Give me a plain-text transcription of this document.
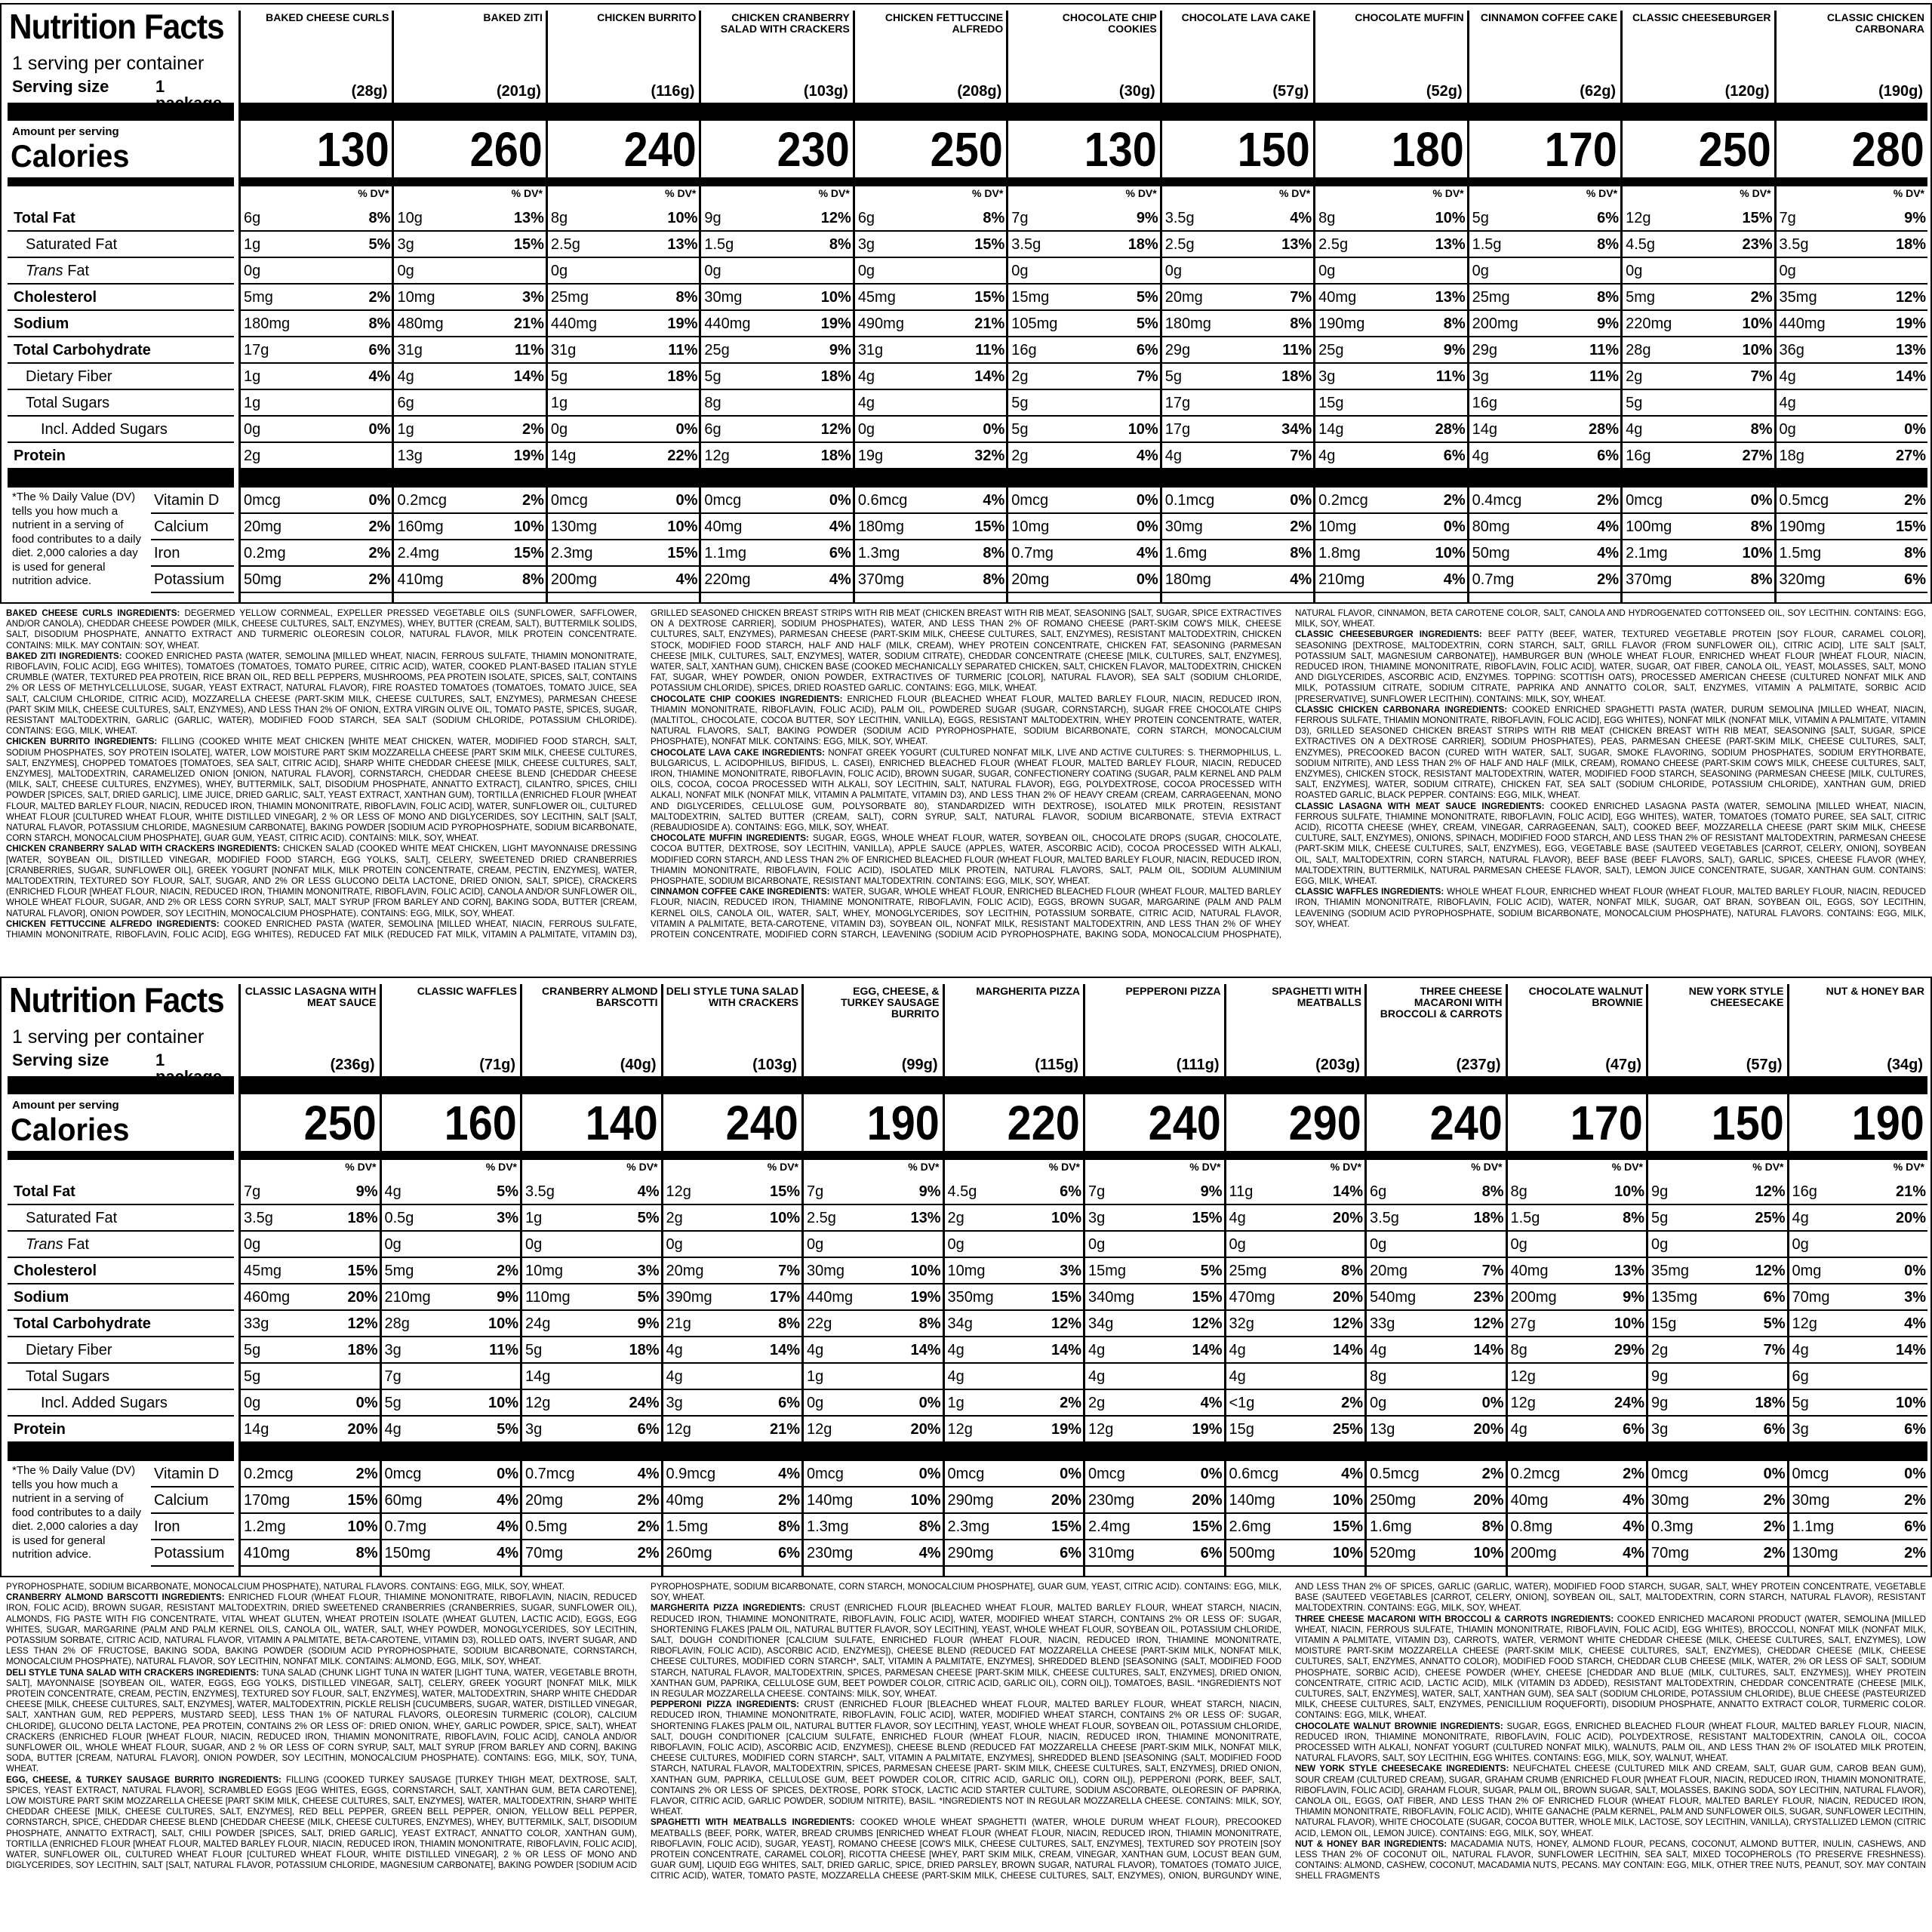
Nutrition Facts
1 serving per container
Serving size	1
Amount per serving
Calories
Total Fat
Saturated Fat
Trans Fat
Cholesterol
Sodium
Total Carbohydrate
Dietary Fiber
Total Sugars
Incl. Added Sugars
Protein
Vitamin D
Calcium
Iron
Potassium
*The % Daily Value (DV) tells you how much a nutrient in a serving of food contributes to a daily diet. 2,000 calories a day is used for general nutrition advice.
BAKED CHEESE CURLS
(28g)
130
% DV*
6g	8%
1g	5%
0g
5mg	2%
180mg	8%
17g	6%
1g	4%
1g
0g	0%
2g
0mcg	0%
20mg	2%
0.2mg	2%
50mg	2%
BAKED ZITI
(201g)
260
% DV*
10g	13%
3g	15%
0g
10mg	3%
480mg	21%
31g	11%
4g	14%
6g
1g	2%
13g	19%
0.2mcg	2%
160mg	10%
2.4mg	15%
410mg	8%
CHICKEN BURRITO
(116g)
240
% DV*
8g	10%
2.5g	13%
0g
25mg	8%
440mg	19%
31g	11%
5g	18%
1g
0g	0%
14g	22%
0mcg	0%
130mg	10%
2.3mg	15%
200mg	4%
CHICKEN CRANBERRY SALAD WITH CRACKERS
(103g)
230
% DV*
9g	12%
1.5g	8%
0g
30mg	10%
440mg	19%
25g	9%
5g	18%
8g
6g	12%
12g	18%
0mcg	0%
40mg	4%
1.1mg	6%
220mg	4%
CHICKEN FETTUCCINE ALFREDO
(208g)
250
% DV*
6g	8%
3g	15%
0g
45mg	15%
490mg	21%
31g	11%
4g	14%
4g
0g	0%
19g	32%
0.6mcg	4%
180mg	15%
1.3mg	8%
370mg	8%
CHOCOLATE CHIP COOKIES
(30g)
130
% DV*
7g	9%
3.5g	18%
0g
15mg	5%
105mg	5%
16g	6%
2g	7%
5g
5g	10%
2g	4%
0mcg	0%
10mg	0%
0.7mg	4%
20mg	0%
CHOCOLATE LAVA CAKE
(57g)
150
% DV*
3.5g	4%
2.5g	13%
0g
20mg	7%
180mg	8%
29g	11%
5g	18%
17g
17g	34%
4g	7%
0.1mcg	0%
30mg	2%
1.6mg	8%
180mg	4%
CHOCOLATE MUFFIN
(52g)
180
% DV*
8g	10%
2.5g	13%
0g
40mg	13%
190mg	8%
25g	9%
3g	11%
15g
14g	28%
4g	6%
0.2mcg	2%
10mg	0%
1.8mg	10%
210mg	4%
CINNAMON COFFEE CAKE
(62g)
170
% DV*
5g	6%
1.5g	8%
0g
25mg	8%
200mg	9%
29g	11%
3g	11%
16g
14g	28%
4g	6%
0.4mcg	2%
80mg	4%
50mg	4%
0.7mg	2%
CLASSIC CHEESEBURGER
(120g)
250
% DV*
12g	15%
4.5g	23%
0g
5mg	2%
220mg	10%
28g	10%
2g	7%
5g
4g	8%
16g	27%
0mcg	0%
100mg	8%
2.1mg	10%
370mg	8%
CLASSIC CHICKEN CARBONARA
(190g)
280
% DV*
7g	9%
3.5g	18%
0g
35mg	12%
440mg	19%
36g	13%
4g	14%
4g
0g	0%
18g	27%
0.5mcg	2%
190mg	15%
1.5mg	8%
320mg	6%

BAKED CHEESE CURLS INGREDIENTS: DEGERMED YELLOW CORNMEAL, EXPELLER PRESSED VEGETABLE OILS (SUNFLOWER, SAFFLOWER, AND/OR CANOLA), CHEDDAR CHEESE POWDER (MILK, CHEESE CULTURES, SALT, ENZYMES), WHEY, BUTTER (CREAM, SALT), BUTTERMILK SOLIDS, SALT, DISODIUM PHOSPHATE, ANNATTO EXTRACT AND TURMERIC OLEORESIN COLOR, NATURAL FLAVOR, MILK PROTEIN CONCENTRATE. CONTAINS: MILK. MAY CONTAIN: SOY, WHEAT.

BAKED ZITI INGREDIENTS: COOKED ENRICHED PASTA (WATER, SEMOLINA [MILLED WHEAT, NIACIN, FERROUS SULFATE, THIAMIN MONONITRATE, RIBOFLAVIN, FOLIC ACID], EGG WHITES), TOMATOES (TOMATOES, TOMATO PUREE, CITRIC ACID), WATER, COOKED PLANT-BASED ITALIAN STYLE CRUMBLE (WATER, TEXTURED PEA PROTEIN, RICE BRAN OIL, RED BELL PEPPERS, MUSHROOMS, PEA PROTEIN ISOLATE, SPICES, SALT, CONTAINS 2% OR LESS OF METHYLCELLULOSE, SUGAR, YEAST EXTRACT, NATURAL FLAVOR), FIRE ROASTED TOMATOES (TOMATOES, TOMATO JUICE, SEA SALT, CALCIUM CHLORIDE, CITRIC ACID), MOZZARELLA CHEESE (PART-SKIM MILK, CHEESE CULTURES, SALT, ENZYMES), PARMESAN CHEESE (PART SKIM MILK, CHEESE CULTURES, SALT, ENZYMES), AND LESS THAN 2% OF ONION, EXTRA VIRGIN OLIVE OIL, TOMATO PASTE, SPICES, SUGAR, RESISTANT MALTODEXTRIN, GARLIC (GARLIC, WATER), MODIFIED FOOD STARCH, SEA SALT (SODIUM CHLORIDE, POTASSIUM CHLORIDE). CONTAINS: EGG, MILK, WHEAT.

CHICKEN BURRITO INGREDIENTS: FILLING (COOKED WHITE MEAT CHICKEN [WHITE MEAT CHICKEN, WATER, MODIFIED FOOD STARCH, SALT, SODIUM PHOSPHATES, SOY PROTEIN ISOLATE], WATER, LOW MOISTURE PART SKIM MOZZARELLA CHEESE [PART SKIM MILK, CHEESE CULTURES, SALT, ENZYMES], CHOPPED TOMATOES [TOMATOES, SEA SALT, CITRIC ACID], SHARP WHITE CHEDDAR CHEESE [MILK, CHEESE CULTURES, SALT, ENZYMES], MALTODEXTRIN, CARAMELIZED ONION [ONION, NATURAL FLAVOR], CORNSTARCH, CHEDDAR CHEESE BLEND [CHEDDAR CHEESE (MILK, SALT, CHEESE CULTURES, ENZYMES), WHEY, BUTTERMILK, SALT, DISODIUM PHOSPHATE, ANNATTO EXTRACT], CILANTRO, SPICES, CHILI POWDER [SPICES, SALT, DRIED GARLIC], LIME JUICE, DRIED GARLIC, SALT, YEAST EXTRACT, XANTHAN GUM), TORTILLA (ENRICHED FLOUR [WHEAT FLOUR, MALTED BARLEY FLOUR, NIACIN, REDUCED IRON, THIAMIN MONONITRATE, RIBOFLAVIN, FOLIC ACID], WATER, SUNFLOWER OIL, CULTURED WHEAT FLOUR [CULTURED WHEAT FLOUR, WHITE DISTILLED VINEGAR], 2 % OR LESS OF MONO AND DIGLYCERIDES, SOY LECITHIN, SALT [SALT, NATURAL FLAVOR, POTASSIUM CHLORIDE, MAGNESIUM CARBONATE], BAKING POWDER [SODIUM ACID PYROPHOSPHATE, SODIUM BICARBONATE, CORN STARCH, MONOCALCIUM PHOSPHATE], GUAR GUM, YEAST, CITRIC ACID). CONTAINS: MILK, SOY, WHEAT.

CHICKEN CRANBERRY SALAD WITH CRACKERS INGREDIENTS: CHICKEN SALAD (COOKED WHITE MEAT CHICKEN, LIGHT MAYONNAISE DRESSING [WATER, SOYBEAN OIL, DISTILLED VINEGAR, MODIFIED FOOD STARCH, EGG YOLKS, SALT], CELERY, SWEETENED DRIED CRANBERRIES [CRANBERRIES, SUGAR, SUNFLOWER OIL], GREEK YOGURT [NONFAT MILK, MILK PROTEIN CONCENTRATE, CREAM, PECTIN, ENZYMES], WATER, MALTODEXTRIN, TEXTURED SOY FLOUR, SALT, SUGAR, AND 2% OR LESS GLUCONO DELTA LACTONE, DRIED ONION, SALT, SPICE), CRACKERS (ENRICHED FLOUR [WHEAT FLOUR, NIACIN, REDUCED IRON, THIAMIN MONONITRATE, RIBOFLAVIN, FOLIC ACID], CANOLA AND/OR SUNFLOWER OIL, WHOLE WHEAT FLOUR, SUGAR, AND 2% OR LESS CORN SYRUP, SALT, MALT SYRUP [FROM BARLEY AND CORN], BAKING SODA, BUTTER [CREAM, NATURAL FLAVOR], ONION POWDER, SOY LECITHIN, MONOCALCIUM PHOSPHATE). CONTAINS: EGG, MILK, SOY, WHEAT.

CHICKEN FETTUCCINE ALFREDO INGREDIENTS: COOKED ENRICHED PASTA (WATER, SEMOLINA [MILLED WHEAT, NIACIN, FERROUS SULFATE, THIAMIN MONONITRATE, RIBOFLAVIN, FOLIC ACID], EGG WHITES), REDUCED FAT MILK (REDUCED FAT MILK, VITAMIN A PALMITATE, VITAMIN D3), GRILLED SEASONED CHICKEN BREAST STRIPS WITH RIB MEAT (CHICKEN BREAST WITH RIB MEAT, SEASONING [SALT, SUGAR, SPICE EXTRACTIVES ON A DEXTROSE CARRIER], SODIUM PHOSPHATES), WATER, AND LESS THAN 2% OF ROMANO CHEESE (PART-SKIM COW'S MILK, CHEESE CULTURES, SALT, ENZYMES), PARMESAN CHEESE (PART-SKIM MILK, CHEESE CULTURES, SALT, ENZYMES), RESISTANT MALTODEXTRIN, CHICKEN STOCK, MODIFIED FOOD STARCH, HALF AND HALF (MILK, CREAM), WHEY PROTEIN CONCENTRATE, CHICKEN FAT, SEASONING (PARMESAN CHEESE [MILK, CULTURES, SALT, ENZYMES], WATER, SODIUM CITRATE), CHEDDAR CONCENTRATE (CHEESE [MILK, CULTURES, SALT, ENZYMES], WATER, SALT, XANTHAN GUM), CHICKEN BASE (COOKED MECHANICALLY SEPARATED CHICKEN, SALT, CHICKEN FLAVOR, MALTODEXTRIN, CHICKEN FAT, SUGAR, WHEY POWDER, ONION POWDER, EXTRACTIVES OF TURMERIC [COLOR], NATURAL FLAVOR), SEA SALT (SODIUM CHLORIDE, POTASSIUM CHLORIDE), SPICES, DRIED ROASTED GARLIC. CONTAINS: EGG, MILK, WHEAT.

CHOCOLATE CHIP COOKIES INGREDIENTS: ENRICHED FLOUR (BLEACHED WHEAT FLOUR, MALTED BARLEY FLOUR, NIACIN, REDUCED IRON, THIAMIN MONONITRATE, RIBOFLAVIN, FOLIC ACID), PALM OIL, POWDERED SUGAR (SUGAR, CORNSTARCH), SUGAR FREE CHOCOLATE CHIPS (MALTITOL, CHOCOLATE, COCOA BUTTER, SOY LECITHIN, VANILLA), EGGS, RESISTANT MALTODEXTRIN, WHEY PROTEIN CONCENTRATE, WATER, NATURAL FLAVORS, SALT, BAKING POWDER (SODIUM ACID PYROPHOSPHATE, SODIUM BICARBONATE, CORN STARCH, MONOCALCIUM PHOSPHATE), NONFAT MILK. CONTAINS: EGG, MILK, SOY, WHEAT.

CHOCOLATE LAVA CAKE INGREDIENTS: NONFAT GREEK YOGURT (CULTURED NONFAT MILK, LIVE AND ACTIVE CULTURES: S. THERMOPHILUS, L. BULGARICUS, L. ACIDOPHILUS, BIFIDUS, L. CASEI), ENRICHED BLEACHED FLOUR (WHEAT FLOUR, MALTED BARLEY FLOUR, NIACIN, REDUCED IRON, THIAMINE MONONITRATE, RIBOFLAVIN, FOLIC ACID), BROWN SUGAR, SUGAR, CONFECTIONERY COATING (SUGAR, PALM KERNEL AND PALM OILS, COCOA, COCOA PROCESSED WITH ALKALI, SOY LECITHIN, SALT, NATURAL FLAVOR), EGG, POLYDEXTROSE, COCOA PROCESSED WITH ALKALI, NONFAT MILK (NONFAT MILK, VITAMIN A PALMITATE, VITAMIN D3), AND LESS THAN 2% OF HEAVY CREAM (CREAM, CARRAGEENAN, MONO AND DIGLYCERIDES, CELLULOSE GUM, POLYSORBATE 80), STANDARDIZED WITH DEXTROSE), ISOLATED MILK PROTEIN, RESISTANT MALTODEXTRIN, SALTED BUTTER (CREAM, SALT), CORN SYRUP, SALT, NATURAL FLAVOR, SODIUM BICARBONATE, STEVIA EXTRACT (REBAUDIOSIDE A). CONTAINS: EGG, MILK, SOY, WHEAT.

CHOCOLATE MUFFIN INGREDIENTS: SUGAR, EGGS, WHOLE WHEAT FLOUR, WATER, SOYBEAN OIL, CHOCOLATE DROPS (SUGAR, CHOCOLATE, COCOA BUTTER, DEXTROSE, SOY LECITHIN, VANILLA), APPLE SAUCE (APPLES, WATER, ASCORBIC ACID), COCOA PROCESSED WITH ALKALI, MODIFIED CORN STARCH, AND LESS THAN 2% OF ENRICHED BLEACHED FLOUR (WHEAT FLOUR, MALTED BARLEY FLOUR, NIACIN, REDUCED IRON, THIAMIN MONONITRATE, RIBOFLAVIN, FOLIC ACID), ISOLATED MILK PROTEIN, NATURAL FLAVORS, SALT, PALM OIL, SODIUM ALUMINIUM PHOSPHATE, SODIUM BICARBONATE, RESISTANT MALTODEXTRIN. CONTAINS: EGG, MILK, SOY, WHEAT.

CINNAMON COFFEE CAKE INGREDIENTS: WATER, SUGAR, WHOLE WHEAT FLOUR, ENRICHED BLEACHED FLOUR (WHEAT FLOUR, MALTED BARLEY FLOUR, NIACIN, REDUCED IRON, THIAMINE MONONITRATE, RIBOFLAVIN, FOLIC ACID), EGGS, BROWN SUGAR, MARGARINE (PALM AND PALM KERNEL OILS, CANOLA OIL, WATER, SALT, WHEY, MONOGLYCERIDES, SOY LECITHIN, POTASSIUM SORBATE, CITRIC ACID, NATURAL FLAVOR, VITAMIN A PALMITATE, BETA-CAROTENE, VITAMIN D3), SOYBEAN OIL, NONFAT MILK, RESISTANT MALTODEXTRIN, AND LESS THAN 2% OF WHEY PROTEIN CONCENTRATE, MODIFIED CORN STARCH, LEAVENING (SODIUM ACID PYROPHOSPHATE, BAKING SODA, MONOCALCIUM PHOSPHATE), NATURAL FLAVOR, CINNAMON, BETA CAROTENE COLOR, SALT, CANOLA AND HYDROGENATED COTTONSEED OIL, SOY LECITHIN. CONTAINS: EGG, MILK, SOY, WHEAT.

CLASSIC CHEESEBURGER INGREDIENTS: BEEF PATTY (BEEF, WATER, TEXTURED VEGETABLE PROTEIN [SOY FLOUR, CARAMEL COLOR], SEASONING [DEXTROSE, MALTODEXTRIN, CORN STARCH, SALT, GRILL FLAVOR (FROM SUNFLOWER OIL), CITRIC ACID], LITE SALT [SALT, POTASSIUM SALT, MAGNESIUM CARBONATE]), HAMBURGER BUN (WHOLE WHEAT FLOUR, ENRICHED WHEAT FLOUR [WHEAT FLOUR, NIACIN, REDUCED IRON, THIAMINE MONONITRATE, RIBOFLAVIN, FOLIC ACID], WATER, SUGAR, OAT FIBER, CANOLA OIL, YEAST, MOLASSES, SALT, MONO AND DIGLYCERIDES, ASCORBIC ACID, ENZYMES. TOPPING: SCOTTISH OATS), PROCESSED AMERICAN CHEESE (CULTURED NONFAT MILK AND MILK, POTASSIUM CITRATE, SODIUM CITRATE, PAPRIKA AND ANNATTO COLOR, SALT, ENZYMES, VITAMIN A PALMITATE, SORBIC ACID [PRESERVATIVE], SUNFLOWER LECITHIN). CONTAINS: MILK, SOY, WHEAT.

CLASSIC CHICKEN CARBONARA INGREDIENTS: COOKED ENRICHED SPAGHETTI PASTA (WATER, DURUM SEMOLINA [MILLED WHEAT, NIACIN, FERROUS SULFATE, THIAMIN MONONITRATE, RIBOFLAVIN, FOLIC ACID], EGG WHITES), NONFAT MILK (NONFAT MILK, VITAMIN A PALMITATE, VITAMIN D3), GRILLED SEASONED CHICKEN BREAST STRIPS WITH RIB MEAT (CHICKEN BREAST WITH RIB MEAT, SEASONING [SALT, SUGAR, SPICE EXTRACTIVES ON A DEXTROSE CARRIER], SODIUM PHOSPHATES), PEAS, PARMESAN CHEESE (PART-SKIM MILK, CHEESE CULTURES, SALT, ENZYMES), PRECOOKED BACON (CURED WITH WATER, SALT, SUGAR, SMOKE FLAVORING, SODIUM PHOSPHATES, SODIUM ERYTHORBATE, SODIUM NITRITE), AND LESS THAN 2% OF HALF AND HALF (MILK, CREAM), ROMANO CHEESE (PART-SKIM COW'S MILK, CHEESE CULTURES, SALT, ENZYMES), CHICKEN STOCK, RESISTANT MALTODEXTRIN, WATER, MODIFIED FOOD STARCH, SEASONING (PARMESAN CHEESE [MILK, CULTURES, SALT, ENZYMES], WATER, SODIUM CITRATE), CHICKEN FAT, SEA SALT (SODIUM CHLORIDE, POTASSIUM CHLORIDE), XANTHAN GUM, DRIED ROASTED GARLIC, BLACK PEPPER. CONTAINS: EGG, MILK, WHEAT.

CLASSIC LASAGNA WITH MEAT SAUCE INGREDIENTS: COOKED ENRICHED LASAGNA PASTA (WATER, SEMOLINA [MILLED WHEAT, NIACIN, FERROUS SULFATE, THIAMINE MONONITRATE, RIBOFLAVIN, FOLIC ACID], EGG WHITES), WATER, TOMATOES (TOMATO PUREE, SEA SALT, CITRIC ACID), RICOTTA CHEESE (WHEY, CREAM, VINEGAR, CARRAGEENAN, SALT), COOKED BEEF, MOZZARELLA CHEESE (PART SKIM MILK, CHEESE CULTURE, SALT, ENZYMES), ONIONS, SPINACH, MODIFIED FOOD STARCH, AND LESS THAN 2% OF RESISTANT MALTODEXTRIN, PARMESAN CHEESE (PART-SKIM MILK, CHEESE CULTURES, SALT, ENZYMES), EGG, VEGETABLE BASE (SAUTEED VEGETABLES [CARROT, CELERY, ONION], SOYBEAN OIL, SALT, MALTODEXTRIN, CORN STARCH, NATURAL FLAVOR), BEEF BASE (BEEF FLAVORS, SALT), GARLIC, SPICES, CHEESE FLAVOR (WHEY, MALTODEXTRIN, BUTTERMILK, NATURAL PARMESAN CHEESE FLAVOR, SALT), LEMON JUICE CONCENTRATE, SUGAR, XANTHAN GUM. CONTAINS: EGG, MILK, WHEAT.

CLASSIC WAFFLES INGREDIENTS: WHOLE WHEAT FLOUR, ENRICHED WHEAT FLOUR (WHEAT FLOUR, MALTED BARLEY FLOUR, NIACIN, REDUCED IRON, THIAMIN MONONITRATE, RIBOFLAVIN, FOLIC ACID), WATER, NONFAT MILK, SUGAR, OAT BRAN, SOYBEAN OIL, EGGS, SOY LECITHIN, LEAVENING (SODIUM ACID PYROPHOSPHATE, SODIUM BICARBONATE, MONOCALCIUM PHOSPHATE), NATURAL FLAVORS. CONTAINS: EGG, MILK, SOY, WHEAT.

Nutrition Facts
1 serving per container
Serving size	1
Amount per serving
Calories
Total Fat
Saturated Fat
Trans Fat
Cholesterol
Sodium
Total Carbohydrate
Dietary Fiber
Total Sugars
Incl. Added Sugars
Protein
Vitamin D
Calcium
Iron
Potassium
*The % Daily Value (DV) tells you how much a nutrient in a serving of food contributes to a daily diet. 2,000 calories a day is used for general nutrition advice.
CLASSIC LASAGNA WITH MEAT SAUCE
(236g)
250
% DV*
7g	9%
3.5g	18%
0g
45mg	15%
460mg	20%
33g	12%
5g	18%
5g
0g	0%
14g	20%
0.2mcg	2%
170mg	15%
1.2mg	10%
410mg	8%
CLASSIC WAFFLES
(71g)
160
% DV*
4g	5%
0.5g	3%
0g
5mg	2%
210mg	9%
28g	10%
3g	11%
7g
5g	10%
4g	5%
0mcg	0%
60mg	4%
0.7mg	4%
150mg	4%
CRANBERRY ALMOND BARSCOTTI
(40g)
140
% DV*
3.5g	4%
1g	5%
0g
10mg	3%
110mg	5%
24g	9%
5g	18%
14g
12g	24%
3g	6%
0.7mcg	4%
20mg	2%
0.5mg	2%
70mg	2%
DELI STYLE TUNA SALAD WITH CRACKERS
(103g)
240
% DV*
12g	15%
2g	10%
0g
20mg	7%
390mg	17%
21g	8%
4g	14%
4g
3g	6%
12g	21%
0.9mcg	4%
40mg	2%
1.5mg	8%
260mg	6%
EGG, CHEESE, & TURKEY SAUSAGE BURRITO
(99g)
190
% DV*
7g	9%
2.5g	13%
0g
30mg	10%
440mg	19%
22g	8%
4g	14%
1g
0g	0%
12g	20%
0mcg	0%
140mg	10%
1.3mg	8%
230mg	4%
MARGHERITA PIZZA
(115g)
220
% DV*
4.5g	6%
2g	10%
0g
10mg	3%
350mg	15%
34g	12%
4g	14%
4g
1g	2%
12g	19%
0mcg	0%
290mg	20%
2.3mg	15%
290mg	6%
PEPPERONI PIZZA
(111g)
240
% DV*
7g	9%
3g	15%
0g
15mg	5%
340mg	15%
34g	12%
4g	14%
4g
2g	4%
12g	19%
0mcg	0%
230mg	20%
2.4mg	15%
310mg	6%
SPAGHETTI WITH MEATBALLS
(203g)
290
% DV*
11g	14%
4g	20%
0g
25mg	8%
470mg	20%
32g	12%
4g	14%
4g
<1g	2%
15g	25%
0.6mcg	4%
140mg	10%
2.6mg	15%
500mg	10%
THREE CHEESE MACARONI WITH BROCCOLI & CARROTS
(237g)
240
% DV*
6g	8%
3.5g	18%
0g
20mg	7%
540mg	23%
33g	12%
4g	14%
8g
0g	0%
13g	20%
0.5mcg	2%
250mg	20%
1.6mg	8%
520mg	10%
CHOCOLATE WALNUT BROWNIE
(47g)
170
% DV*
8g	10%
1.5g	8%
0g
40mg	13%
200mg	9%
27g	10%
8g	29%
12g
12g	24%
4g	6%
0.2mcg	2%
40mg	4%
0.8mg	4%
200mg	4%
NEW YORK STYLE CHEESECAKE
(57g)
150
% DV*
9g	12%
5g	25%
0g
35mg	12%
135mg	6%
15g	5%
2g	7%
9g
9g	18%
3g	6%
0mcg	0%
30mg	2%
0.3mg	2%
70mg	2%
NUT & HONEY BAR
(34g)
190
% DV*
16g	21%
4g	20%
0g
0mg	0%
70mg	3%
12g	4%
4g	14%
6g
5g	10%
3g	6%
0mcg	0%
30mg	2%
1.1mg	6%
130mg	2%

PYROPHOSPHATE, SODIUM BICARBONATE, MONOCALCIUM PHOSPHATE), NATURAL FLAVORS. CONTAINS: EGG, MILK, SOY, WHEAT.

CRANBERRY ALMOND BARSCOTTI INGREDIENTS: ENRICHED FLOUR (WHEAT FLOUR, THIAMINE MONONITRATE, RIBOFLAVIN, NIACIN, REDUCED IRON, FOLIC ACID), BROWN SUGAR, RESISTANT MALTODEXTRIN, DRIED SWEETENED CRANBERRIES (CRANBERRIES, SUGAR, SUNFLOWER OIL), ALMONDS, FIG PASTE WITH FIG CONCENTRATE, VITAL WHEAT GLUTEN, WHEAT PROTEIN ISOLATE (WHEAT GLUTEN, LACTIC ACID), EGGS, EGG WHITES, SUGAR, MARGARINE (PALM AND PALM KERNEL OILS, CANOLA OIL, WATER, SALT, WHEY POWDER, MONOGLYCERIDES, SOY LECITHIN, POTASSIUM SORBATE, CITRIC ACID, NATURAL FLAVOR, VITAMIN A PALMITATE, BETA-CAROTENE, VITAMIN D3), ROLLED OATS, INVERT SUGAR, AND LESS THAN 2% OF FRUCTOSE, BAKING SODA, BAKING POWDER (SODIUM ACID PYROPHOSPHATE, SODIUM BICARBONATE, CORNSTARCH, MONOCALCIUM PHOSPHATE), NATURAL FLAVOR, SOY LECITHIN, NONFAT MILK. CONTAINS: ALMOND, EGG, MILK, SOY, WHEAT.

DELI STYLE TUNA SALAD WITH CRACKERS INGREDIENTS: TUNA SALAD (CHUNK LIGHT TUNA IN WATER [LIGHT TUNA, WATER, VEGETABLE BROTH, SALT], MAYONNAISE [SOYBEAN OIL, WATER, EGGS, EGG YOLKS, DISTILLED VINEGAR, SALT], CELERY, GREEK YOGURT [NONFAT MILK, MILK PROTEIN CONCENTRATE, CREAM, PECTIN, ENZYMES], TEXTURED SOY FLOUR, SALT, ENZYMES], WATER, MALTODEXTRIN, SHARP WHITE CHEDDAR CHEESE [MILK, CHEESE CULTURES, SALT, ENZYMES], WATER, MALTODEXTRIN, PICKLE RELISH [CUCUMBERS, SUGAR, WATER, DISTILLED VINEGAR, SALT, XANTHAN GUM, RED PEPPERS, MUSTARD SEED], LESS THAN 1% OF NATURAL FLAVORS, OLEORESIN TURMERIC (COLOR), CALCIUM CHLORIDE], GLUCONO DELTA LACTONE, PEA PROTEIN, CONTAINS 2% OR LESS OF: DRIED ONION, WHEY, GARLIC POWDER, SPICE, SALT), WHEAT CRACKERS (ENRICHED FLOUR [WHEAT FLOUR, NIACIN, REDUCED IRON, THIAMIN MONONITRATE, RIBOFLAVIN, FOLIC ACID], CANOLA AND/OR SUNFLOWER OIL, WHOLE WHEAT FLOUR, SUGAR, AND 2 % OR LESS OF CORN SYRUP, SALT, MALT SYRUP [FROM BARLEY AND CORN], BAKING SODA, BUTTER [CREAM, NATURAL FLAVOR], ONION POWDER, SOY LECITHIN, MONOCALCIUM PHOSPHATE). CONTAINS: EGG, MILK, SOY, TUNA, WHEAT.

EGG, CHEESE, & TURKEY SAUSAGE BURRITO INGREDIENTS: FILLING (COOKED TURKEY SAUSAGE [TURKEY THIGH MEAT, DEXTROSE, SALT, SPICES, YEAST EXTRACT, NATURAL FLAVOR], SCRAMBLED EGGS [EGG WHITES, EGGS, CORNSTARCH, SALT, XANTHAN GUM, BETA CAROTENE], LOW MOISTURE PART SKIM MOZZARELLA CHEESE [PART SKIM MILK, CHEESE CULTURES, SALT, ENZYMES], WATER, MALTODEXTRIN, SHARP WHITE CHEDDAR CHEESE [MILK, CHEESE CULTURES, SALT, ENZYMES], RED BELL PEPPER, GREEN BELL PEPPER, ONION, YELLOW BELL PEPPER, CORNSTARCH, SPICE, CHEDDAR CHEESE BLEND [CHEDDAR CHEESE (MILK, CHEESE CULTURES, ENZYMES), WHEY, BUTTERMILK, SALT, DISODIUM PHOSPHATE, ANNATTO EXTRACT], SALT, CHILI POWDER [SPICES, SALT, DRIED GARLIC], YEAST EXTRACT, ANNATTO COLOR, XANTHAN GUM), TORTILLA (ENRICHED FLOUR [WHEAT FLOUR, MALTED BARLEY FLOUR, NIACIN, REDUCED IRON, THIAMIN MONONITRATE, RIBOFLAVIN, FOLIC ACID], WATER, SUNFLOWER OIL, CULTURED WHEAT FLOUR [CULTURED WHEAT FLOUR, WHITE DISTILLED VINEGAR], 2 % OR LESS OF MONO AND DIGLYCERIDES, SOY LECITHIN, SALT [SALT, NATURAL FLAVOR, POTASSIUM CHLORIDE, MAGNESIUM CARBONATE], BAKING POWDER [SODIUM ACID PYROPHOSPHATE, SODIUM BICARBONATE, CORN STARCH, MONOCALCIUM PHOSPHATE], GUAR GUM, YEAST, CITRIC ACID). CONTAINS: EGG, MILK, SOY, WHEAT.

MARGHERITA PIZZA INGREDIENTS: CRUST (ENRICHED FLOUR [BLEACHED WHEAT FLOUR, MALTED BARLEY FLOUR, WHEAT STARCH, NIACIN, REDUCED IRON, THIAMINE MONONITRATE, RIBOFLAVIN, FOLIC ACID], WATER, MODIFIED WHEAT STARCH, CONTAINS 2% OR LESS OF: SUGAR, SHORTENING FLAKES [PALM OIL, NATURAL BUTTER FLAVOR, SOY LECITHIN], YEAST, WHOLE WHEAT FLOUR, SOYBEAN OIL, POTASSIUM CHLORIDE, SALT, DOUGH CONDITIONER [CALCIUM SULFATE, ENRICHED FLOUR (WHEAT FLOUR, NIACIN, REDUCED IRON, THIAMINE MONONITRATE, RIBOFLAVIN, FOLIC ACID), ASCORBIC ACID, ENZYMES]), CHEESE BLEND (REDUCED FAT MOZZARELLA CHEESE [PART-SKIM MILK, NONFAT MILK, CHEESE CULTURES, MODIFIED CORN STARCH*, SALT, VITAMIN A PALMITATE, ENZYMES], SHREDDED BLEND [SEASONING (SALT, MODIFIED FOOD STARCH, NATURAL FLAVOR, MALTODEXTRIN, SPICES, PARMESAN CHEESE [PART-SKIM MILK, CHEESE CULTURES, SALT, ENZYMES], DRIED ONION, XANTHAN GUM, PAPRIKA, CELLULOSE GUM, BEET POWDER COLOR, CITRIC ACID, GARLIC OIL), CORN OIL]), TOMATOES, BASIL. *INGREDIENTS NOT IN REGULAR MOZZARELLA CHEESE. CONTAINS: MILK, SOY, WHEAT.

PEPPERONI PIZZA INGREDIENTS: CRUST (ENRICHED FLOUR [BLEACHED WHEAT FLOUR, MALTED BARLEY FLOUR, WHEAT STARCH, NIACIN, REDUCED IRON, THIAMINE MONONITRATE, RIBOFLAVIN, FOLIC ACID], WATER, MODIFIED WHEAT STARCH, CONTAINS 2% OR LESS OF: SUGAR, SHORTENING FLAKES [PALM OIL, NATURAL BUTTER FLAVOR, SOY LECITHIN], YEAST, WHOLE WHEAT FLOUR, SOYBEAN OIL, POTASSIUM CHLORIDE, SALT, DOUGH CONDITIONER [CALCIUM SULFATE, ENRICHED FLOUR (WHEAT FLOUR, NIACIN, REDUCED IRON, THIAMINE MONONITRATE, RIBOFLAVIN, FOLIC ACID), ASCORBIC ACID, ENZYMES]), CHEESE BLEND (REDUCED FAT MOZZARELLA CHEESE [PART-SKIM MILK, NONFAT MILK, CHEESE CULTURES, MODIFIED CORN STARCH*, SALT, VITAMIN A PALMITATE, ENZYMES], SHREDDED BLEND [SEASONING (SALT, MODIFIED FOOD STARCH, NATURAL FLAVOR, MALTODEXTRIN, SPICES, PARMESAN CHEESE [PART- SKIM MILK, CHEESE CULTURES, SALT, ENZYMES], DRIED ONION, XANTHAN GUM, PAPRIKA, CELLULOSE GUM, BEET POWDER COLOR, CITRIC ACID, GARLIC OIL), CORN OIL]), PEPPERONI (PORK, BEEF, SALT, CONTAINS 2% OR LESS OF SPICES, DEXTROSE, PORK STOCK, LACTIC ACID STARTER CULTURE, SODIUM ASCORBATE, OLEORESIN OF PAPRIKA, FLAVOR, CITRIC ACID, GARLIC POWDER, SODIUM NITRITE), BASIL. *INGREDIENTS NOT IN REGULAR MOZZARELLA CHEESE. CONTAINS: MILK, SOY, WHEAT.

SPAGHETTI WITH MEATBALLS INGREDIENTS: COOKED WHOLE WHEAT SPAGHETTI (WATER, WHOLE DURUM WHEAT FLOUR), PRECOOKED MEATBALLS (BEEF, PORK, WATER, BREAD CRUMBS [ENRICHED WHEAT FLOUR (WHEAT FLOUR, NIACIN, REDUCED IRON, THIAMIN MONONITRATE, RIBOFLAVIN, FOLIC ACID), SUGAR, YEAST], ROMANO CHEESE [COW'S MILK, CHEESE CULTURES, SALT, ENZYMES], TEXTURED SOY PROTEIN [SOY PROTEIN CONCENTRATE, CARAMEL COLOR], RICOTTA CHEESE [WHEY, PART SKIM MILK, CREAM, VINEGAR, XANTHAN GUM, LOCUST BEAN GUM, GUAR GUM], LIQUID EGG WHITES, SALT, DRIED GARLIC, SPICE, DRIED PARSLEY, BROWN SUGAR, NATURAL FLAVOR), TOMATOES (TOMATO JUICE, CITRIC ACID), WATER, TOMATO PASTE, MOZZARELLA CHEESE (PART-SKIM MILK, CHEESE CULTURES, SALT, ENZYMES), ONION, BURGUNDY WINE, AND LESS THAN 2% OF SPICES, GARLIC (GARLIC, WATER), MODIFIED FOOD STARCH, SUGAR, SALT, WHEY PROTEIN CONCENTRATE, VEGETABLE BASE (SAUTEED VEGETABLES [CARROT, CELERY, ONION], SOYBEAN OIL, SALT, MALTODEXTRIN, CORN STARCH, NATURAL FLAVOR), RESISTANT MALTODEXTRIN. CONTAINS: EGG, MILK, SOY, WHEAT.

THREE CHEESE MACARONI WITH BROCCOLI & CARROTS INGREDIENTS: COOKED ENRICHED MACARONI PRODUCT (WATER, SEMOLINA [MILLED WHEAT, NIACIN, FERROUS SULFATE, THIAMIN MONONITRATE, RIBOFLAVIN, FOLIC ACID], EGG WHITES), BROCCOLI, NONFAT MILK (NONFAT MILK, VITAMIN A PALMITATE, VITAMIN D3), CARROTS, WATER, VERMONT WHITE CHEDDAR CHEESE (MILK, CHEESE CULTURES, SALT, ENZYMES), LOW MOISTURE PART-SKIM MOZZARELLA CHEESE (PART-SKIM MILK, CHEESE CULTURES, SALT, ENZYMES), CHEDDAR CHEESE (MILK, CHEESE CULTURES, SALT, ENZYMES, ANNATTO COLOR), MODIFIED FOOD STARCH, CHEDDAR CLUB CHEESE (MILK, WATER, 2% OR LESS OF SALT, SODIUM PHOSPHATE, SORBIC ACID), CHEESE POWDER (WHEY, CHEESE [CHEDDAR AND BLUE (MILK, CULTURES, SALT, ENZYMES)], WHEY PROTEIN CONCENTRATE, CITRIC ACID, LACTIC ACID), MILK (VITAMIN D3 ADDED), RESISTANT MALTODEXTRIN, CHEDDAR CONCENTRATE (CHEESE [MILK, CULTURES, SALT, ENZYMES], WATER, SALT, XANTHAN GUM), SEA SALT (SODIUM CHLORIDE, POTASSIUM CHLORIDE), BLUE CHEESE (PASTEURIZED MILK, CHEESE CULTURES, SALT, ENZYMES, PENICILLIUM ROQUEFORTI), DISODIUM PHOSPHATE, ANNATTO EXTRACT COLOR, TURMERIC COLOR. CONTAINS: EGG, MILK, WHEAT.

CHOCOLATE WALNUT BROWNIE INGREDIENTS: SUGAR, EGGS, ENRICHED BLEACHED FLOUR (WHEAT FLOUR, MALTED BARLEY FLOUR, NIACIN, REDUCED IRON, THIAMINE MONONITRATE, RIBOFLAVIN, FOLIC ACID), POLYDEXTROSE, RESISTANT MALTODEXTRIN, CANOLA OIL, COCOA PROCESSED WITH ALKALI, NONFAT YOGURT (CULTURED NONFAT MILK), WALNUTS, PALM OIL, AND LESS THAN 2% OF ISOLATED MILK PROTEIN, NATURAL FLAVORS, SALT, SOY LECITHIN, EGG WHITES. CONTAINS: EGG, MILK, SOY, WALNUT, WHEAT.

NEW YORK STYLE CHEESECAKE INGREDIENTS: NEUFCHATEL CHEESE (CULTURED MILK AND CREAM, SALT, GUAR GUM, CAROB BEAN GUM), SOUR CREAM (CULTURED CREAM), SUGAR, GRAHAM CRUMB (ENRICHED FLOUR [WHEAT FLOUR, NIACIN, REDUCED IRON, THIAMIN MONONITRATE, RIBOFLAVIN, FOLIC ACID], GRAHAM FLOUR, SUGAR, PALM OIL, BROWN SUGAR, SALT, MOLASSES, BAKING SODA, SOY LECITHIN, NATURAL FLAVOR), CANOLA OIL, EGGS, OAT FIBER, AND LESS THAN 2% OF ENRICHED FLOUR (WHEAT FLOUR, MALTED BARLEY FLOUR, NIACIN, REDUCED IRON, THIAMIN MONONITRATE, RIBOFLAVIN, FOLIC ACID), WHITE GANACHE (PALM KERNEL, PALM AND SUNFLOWER OILS, SUGAR, SUNFLOWER LECITHIN, NATURAL FLAVOR), WHITE CHOCOLATE (SUGAR, COCOA BUTTER, WHOLE MILK, LACTOSE, SOY LECITHIN, VANILLA), CRYSTALLIZED LEMON (CITRIC ACID, LEMON OIL, LEMON JUICE). CONTAINS: EGG, MILK, SOY, WHEAT.

NUT & HONEY BAR INGREDIENTS: MACADAMIA NUTS, HONEY, ALMOND FLOUR, PECANS, COCONUT, ALMOND BUTTER, INULIN, CASHEWS, AND LESS THAN 2% OF COCONUT OIL, NATURAL FLAVOR, SUNFLOWER LECITHIN, SEA SALT, MIXED TOCOPHEROLS (TO PRESERVE FRESHNESS). CONTAINS: ALMOND, CASHEW, COCONUT, MACADAMIA NUTS, PECANS. MAY CONTAIN: EGG, MILK, OTHER TREE NUTS, PEANUT, SOY. MAY CONTAIN SHELL FRAGMENTS
